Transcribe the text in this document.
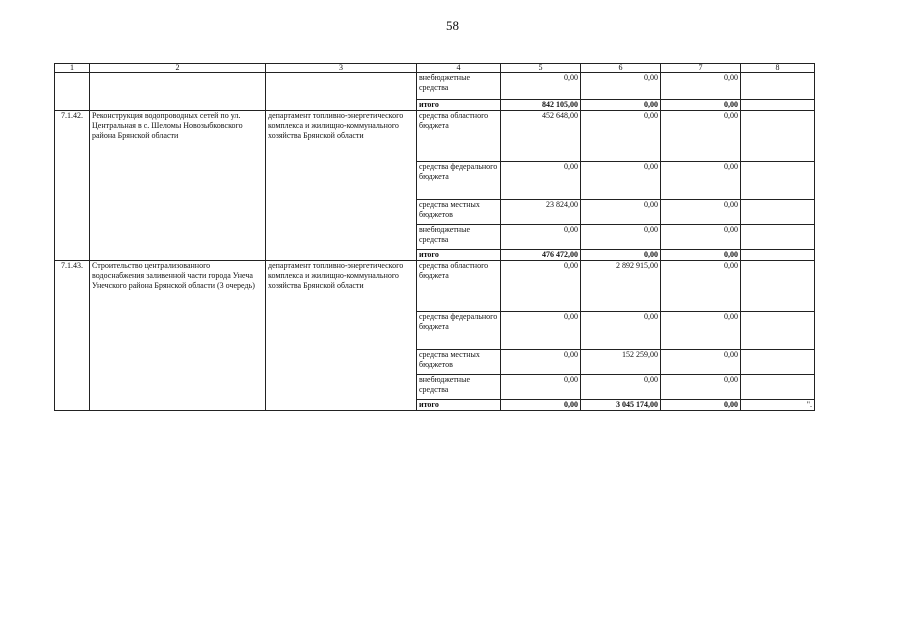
58
1	2	3	4	5	6	7	8
			внебюджетные средства	0,00	0,00	0,00	
			итого	842 105,00	0,00	0,00	
7.1.42.	Реконструкция водопроводных сетей по ул. Центральная в с. Шеломы Новозыбковского района Брянской области	департамент топливно-энергетического комплекса и жилищно-коммунального хозяйства Брянской области	средства областного бюджета	452 648,00	0,00	0,00	
			средства федерального бюджета	0,00	0,00	0,00	
			средства местных бюджетов	23 824,00	0,00	0,00	
			внебюджетные средства	0,00	0,00	0,00	
			итого	476 472,00	0,00	0,00	
7.1.43.	Строительство централизованного водоснабжения заливенной части города Унеча Унечского района Брянской области (3 очередь)	департамент топливно-энергетического комплекса и жилищно-коммунального хозяйства Брянской области	средства областного бюджета	0,00	2 892 915,00	0,00	
			средства федерального бюджета	0,00	0,00	0,00	
			средства местных бюджетов	0,00	152 259,00	0,00	
			внебюджетные средства	0,00	0,00	0,00	
			итого	0,00	3 045 174,00	0,00	".
